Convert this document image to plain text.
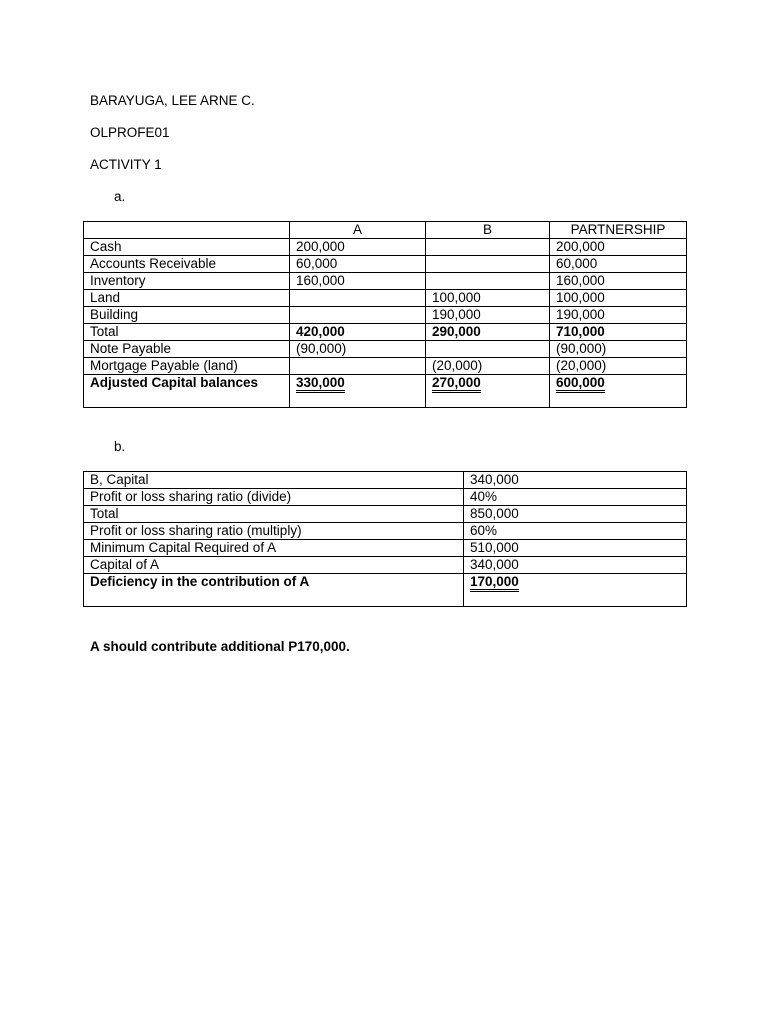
BARAYUGA, LEE ARNE C.
OLPROFE01
ACTIVITY 1
a.
	A	B	PARTNERSHIP
Cash	200,000		200,000
Accounts Receivable	60,000		60,000
Inventory	160,000		160,000
Land		100,000	100,000
Building		190,000	190,000
Total	420,000	290,000	710,000
Note Payable	(90,000)		(90,000)
Mortgage Payable (land)		(20,000)	(20,000)
Adjusted Capital balances	330,000	270,000	600,000
b.
B, Capital	340,000
Profit or loss sharing ratio (divide)	40%
Total	850,000
Profit or loss sharing ratio (multiply)	60%
Minimum Capital Required of A	510,000
Capital of A	340,000
Deficiency in the contribution of A	170,000
A should contribute additional P170,000.
